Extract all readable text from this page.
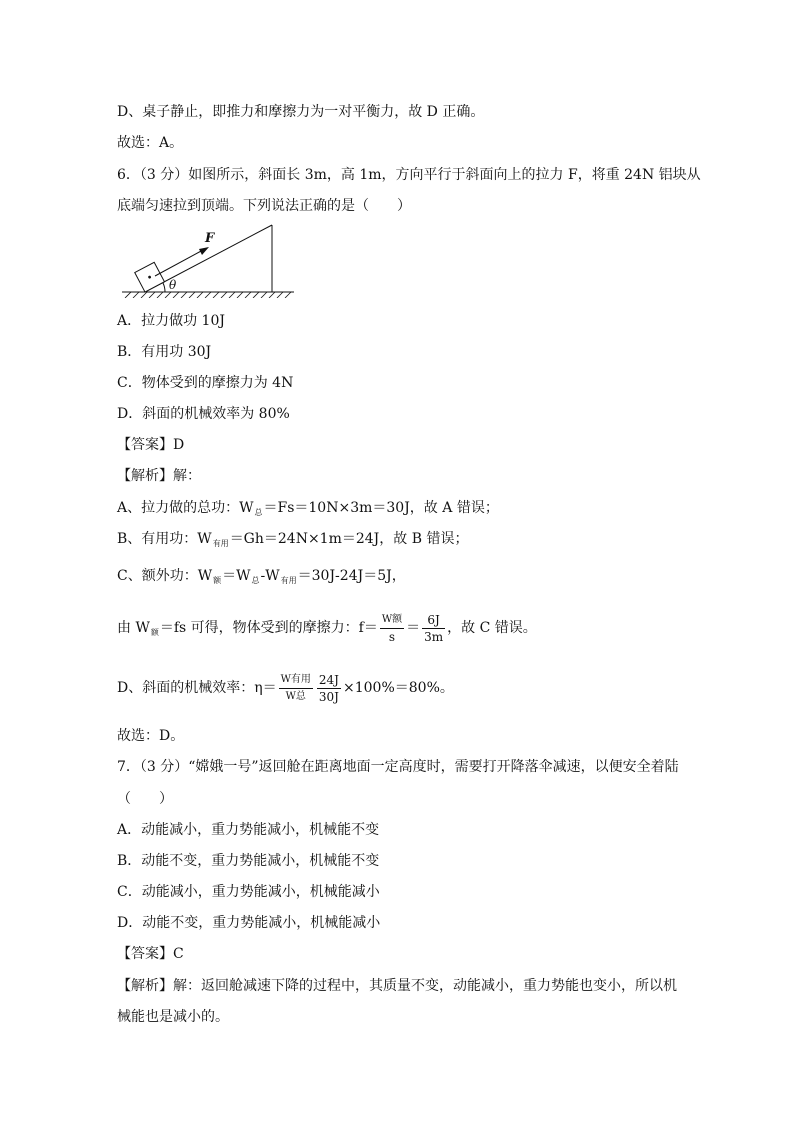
D、桌子静止，即推力和摩擦力为一对平衡力，故 D 正确。
故选：A。
6．（3 分）如图所示，斜面长 3m，高 1m，方向平行于斜面向上的拉力 F，将重 24N 铝块从
底端匀速拉到顶端。下列说法正确的是（　　）
F
θ
A．拉力做功 10J
B．有用功 30J
C．物体受到的摩擦力为 4N
D．斜面的机械效率为 80%
【答案】D
【解析】解：
A、拉力做的总功：$W_总=Fs=10N\times 3m=30J$，故 A 错误；
B、有用功：$W_{有用}=Gh=24N\times 1m=24J$，故 B 错误；
C、额外功：$W_额=W_总-W_{有用}=30J-24J=5J$，
由 $W_额=fs$ 可得，物体受到的摩擦力：$f= \frac{\text{W额}}{s} = \frac{6J}{3m}$ ，故 C 错误。
D、斜面的机械效率：$\eta= \frac{\text{W有用}}{\text{W总}} \frac{24J}{30J} \times 100\%=80\%$。
故选：D。
7．（3 分）“嫦娥一号”返回舱在距离地面一定高度时，需要打开降落伞减速，以便安全着陆
（　　）
A．动能减小，重力势能减小，机械能不变
B．动能不变，重力势能减小，机械能不变
C．动能减小，重力势能减小，机械能减小
D．动能不变，重力势能减小，机械能减小
【答案】C
【解析】解：返回舱减速下降的过程中，其质量不变，动能减小，重力势能也变小，所以机
械能也是减小的。
